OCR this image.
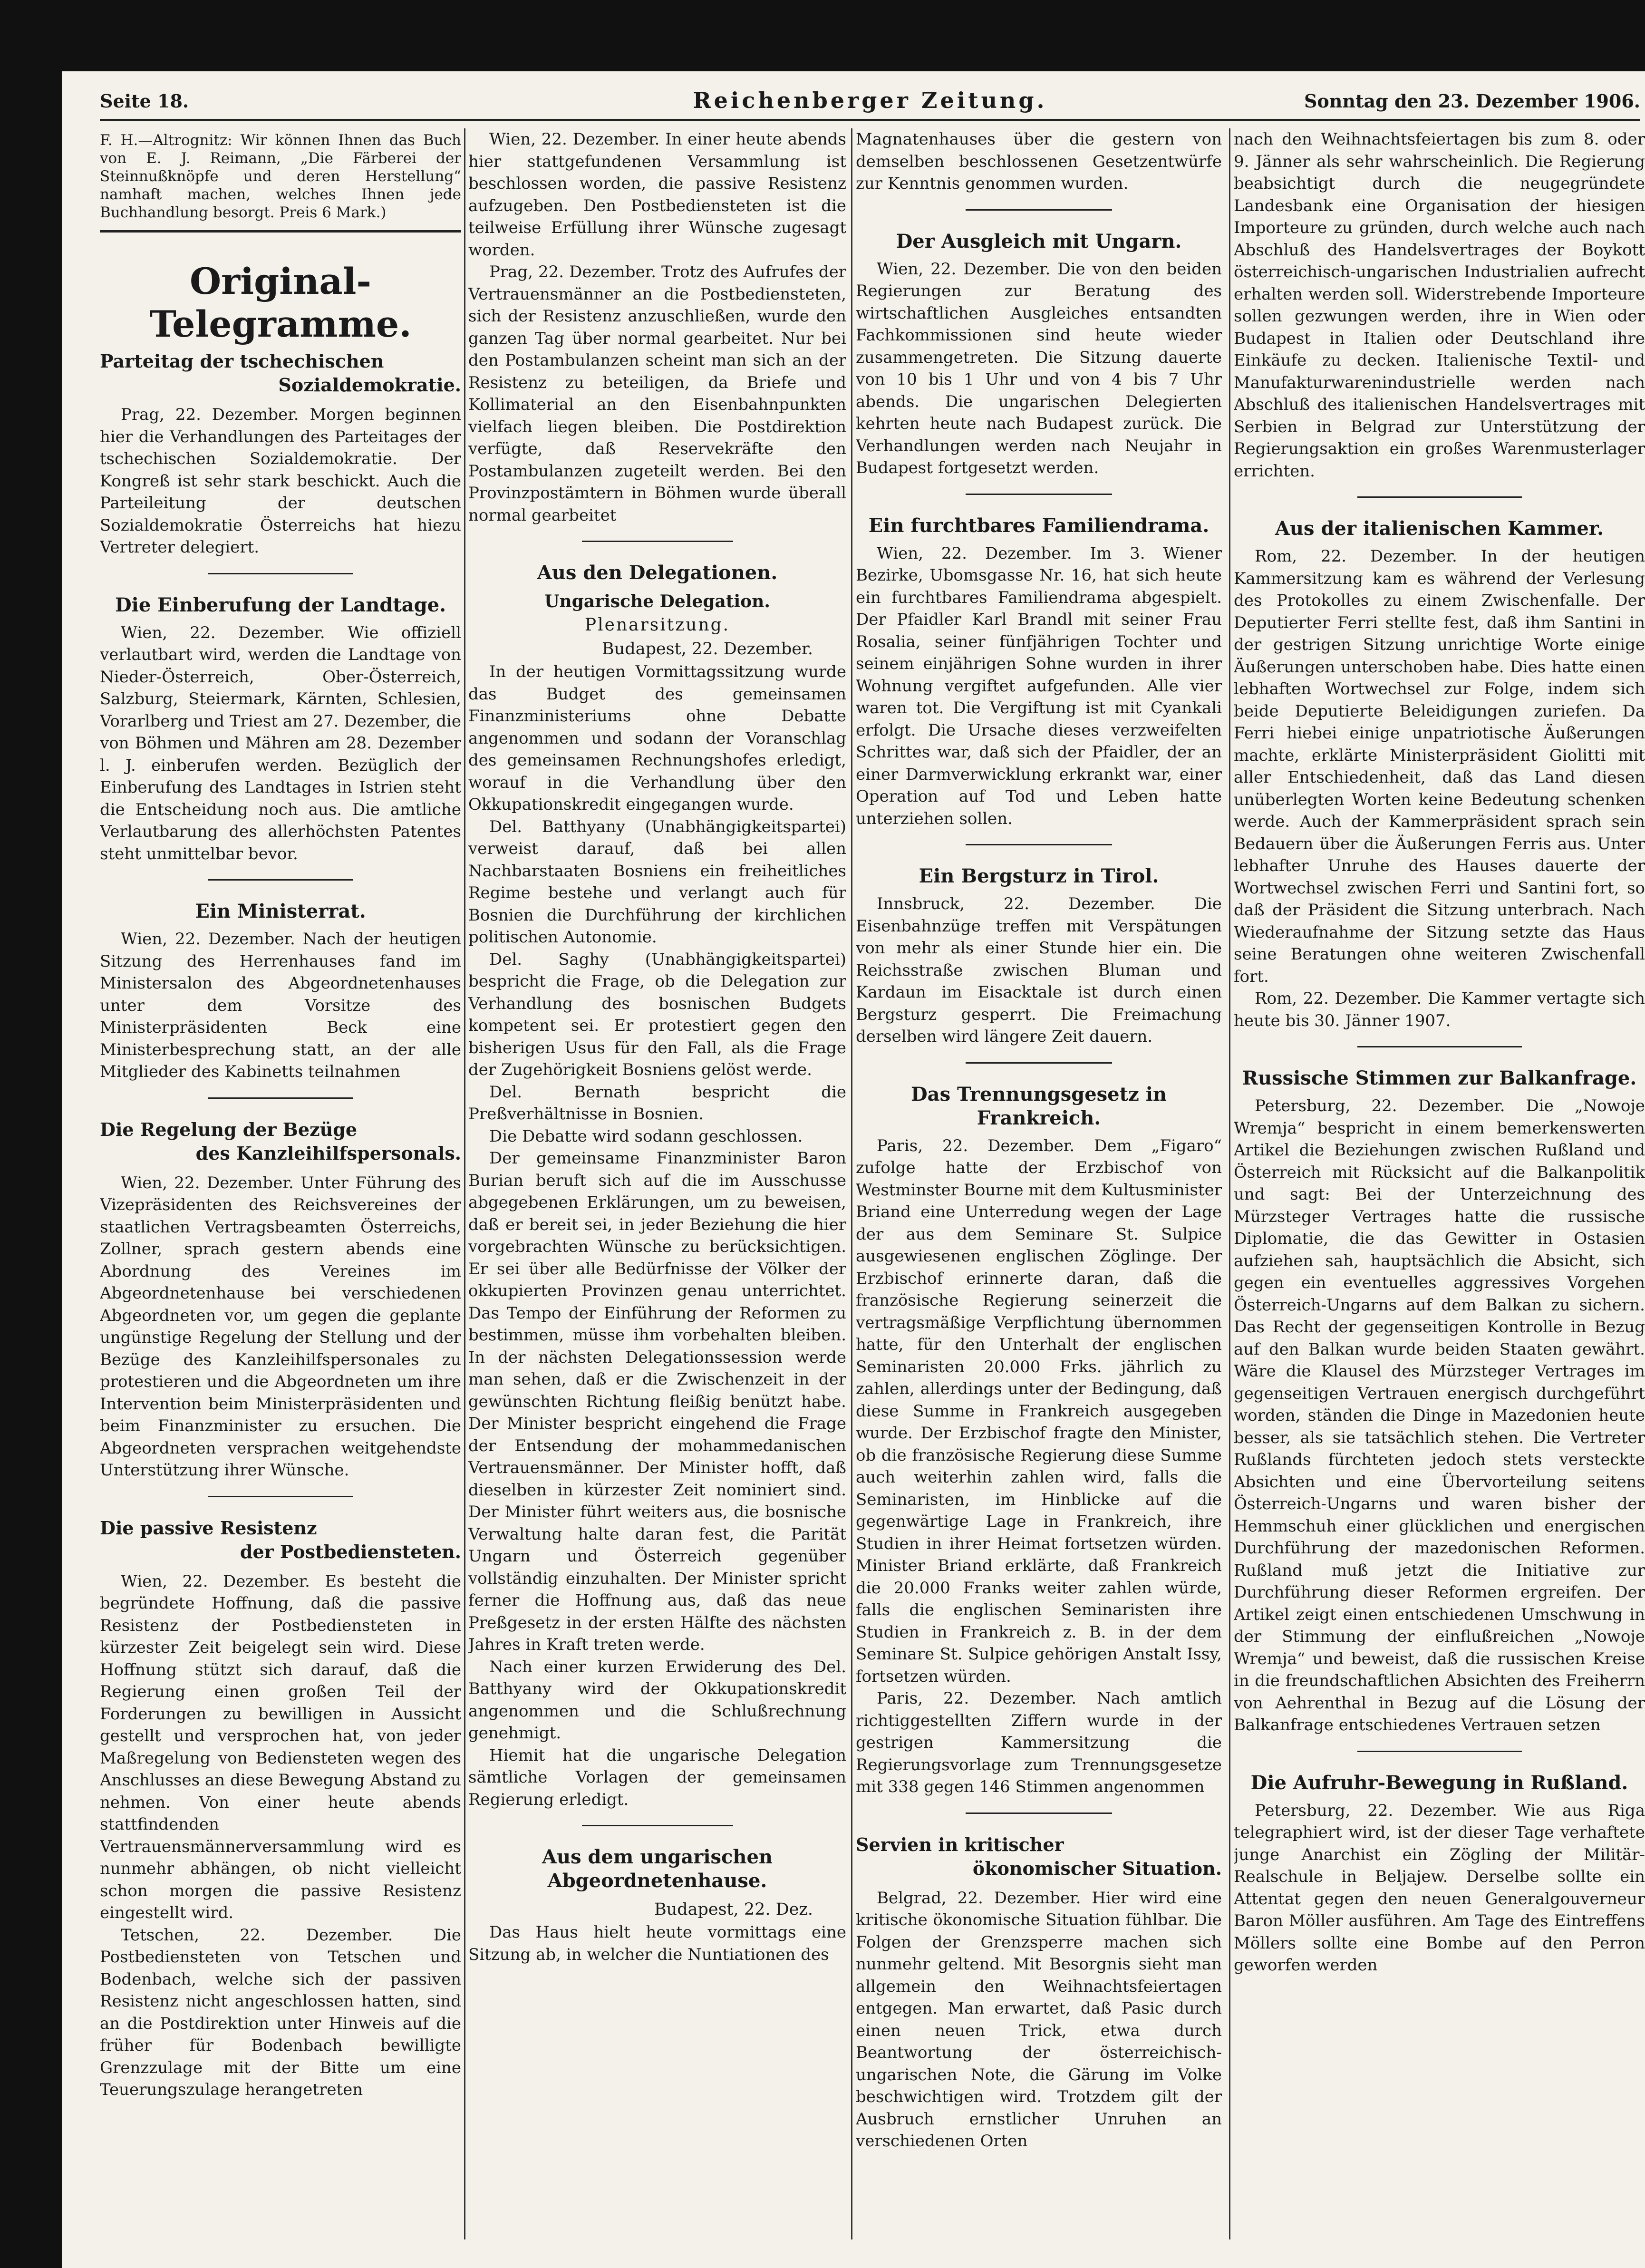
Seite 18.	Reichenberger Zeitung.	Sonntag den 23. Dezember 1906.
F. H.—Altrognitz: Wir können Ihnen das Buch von E. J. Reimann, „Die Färberei der Steinnußknöpfe und deren Herstellung“ namhaft machen, welches Ihnen jede Buchhandlung besorgt. Preis 6 Mark.)
Original-Telegramme.
Parteitag der tschechischen
Sozialdemokratie.

Prag, 22. Dezember. Morgen beginnen hier die Verhandlungen des Parteitages der tschechischen Sozialdemokratie. Der Kongreß ist sehr stark beschickt. Auch die Parteileitung der deutschen Sozialdemokratie Österreichs hat hiezu Vertreter delegiert.

Die Einberufung der Landtage.

Wien, 22. Dezember. Wie offiziell verlautbart wird, werden die Landtage von Nieder-Österreich, Ober-Österreich, Salzburg, Steiermark, Kärnten, Schlesien, Vorarlberg und Triest am 27. Dezember, die von Böhmen und Mähren am 28. Dezember l. J. einberufen werden. Bezüglich der Einberufung des Landtages in Istrien steht die Entscheidung noch aus. Die amtliche Verlautbarung des allerhöchsten Patentes steht unmittelbar bevor.

Ein Ministerrat.

Wien, 22. Dezember. Nach der heutigen Sitzung des Herrenhauses fand im Ministersalon des Abgeordnetenhauses unter dem Vorsitze des Ministerpräsidenten Beck eine Ministerbesprechung statt, an der alle Mitglieder des Kabinetts teilnahmen

Die Regelung der Bezüge
des Kanzleihilfspersonals.

Wien, 22. Dezember. Unter Führung des Vizepräsidenten des Reichsvereines der staatlichen Vertragsbeamten Österreichs, Zollner, sprach gestern abends eine Abordnung des Vereines im Abgeordnetenhause bei verschiedenen Abgeordneten vor, um gegen die geplante ungünstige Regelung der Stellung und der Bezüge des Kanzleihilfspersonales zu protestieren und die Abgeordneten um ihre Intervention beim Ministerpräsidenten und beim Finanzminister zu ersuchen. Die Abgeordneten versprachen weitgehendste Unterstützung ihrer Wünsche.

Die passive Resistenz
der Postbediensteten.

Wien, 22. Dezember. Es besteht die begründete Hoffnung, daß die passive Resistenz der Postbediensteten in kürzester Zeit beigelegt sein wird. Diese Hoffnung stützt sich darauf, daß die Regierung einen großen Teil der Forderungen zu bewilligen in Aussicht gestellt und versprochen hat, von jeder Maßregelung von Bediensteten wegen des Anschlusses an diese Bewegung Abstand zu nehmen. Von einer heute abends stattfindenden Vertrauensmännerversammlung wird es nunmehr abhängen, ob nicht vielleicht schon morgen die passive Resistenz eingestellt wird.

Tetschen, 22. Dezember. Die Postbediensteten von Tetschen und Bodenbach, welche sich der passiven Resistenz nicht angeschlossen hatten, sind an die Postdirektion unter Hinweis auf die früher für Bodenbach bewilligte Grenzzulage mit der Bitte um eine Teuerungszulage herangetreten

Wien, 22. Dezember. In einer heute abends hier stattgefundenen Versammlung ist beschlossen worden, die passive Resistenz aufzugeben. Den Postbediensteten ist die teilweise Erfüllung ihrer Wünsche zugesagt worden.

Prag, 22. Dezember. Trotz des Aufrufes der Vertrauensmänner an die Postbediensteten, sich der Resistenz anzuschließen, wurde den ganzen Tag über normal gearbeitet. Nur bei den Postambulanzen scheint man sich an der Resistenz zu beteiligen, da Briefe und Kollimaterial an den Eisenbahnpunkten vielfach liegen bleiben. Die Postdirektion verfügte, daß Reservekräfte den Postambulanzen zugeteilt werden. Bei den Provinzpostämtern in Böhmen wurde überall normal gearbeitet

Aus den Delegationen.
Ungarische Delegation.
Plenarsitzung.
Budapest, 22. Dezember.

In der heutigen Vormittagssitzung wurde das Budget des gemeinsamen Finanzministeriums ohne Debatte angenommen und sodann der Voranschlag des gemeinsamen Rechnungshofes erledigt, worauf in die Verhandlung über den Okkupationskredit eingegangen wurde.

Del. Batthyany (Unabhängigkeitspartei) verweist darauf, daß bei allen Nachbarstaaten Bosniens ein freiheitliches Regime bestehe und verlangt auch für Bosnien die Durchführung der kirchlichen politischen Autonomie.

Del. Saghy (Unabhängigkeitspartei) bespricht die Frage, ob die Delegation zur Verhandlung des bosnischen Budgets kompetent sei. Er protestiert gegen den bisherigen Usus für den Fall, als die Frage der Zugehörigkeit Bosniens gelöst werde.

Del. Bernath bespricht die Preßverhältnisse in Bosnien.

Die Debatte wird sodann geschlossen.

Der gemeinsame Finanzminister Baron Burian beruft sich auf die im Ausschusse abgegebenen Erklärungen, um zu beweisen, daß er bereit sei, in jeder Beziehung die hier vorgebrachten Wünsche zu berücksichtigen. Er sei über alle Bedürfnisse der Völker der okkupierten Provinzen genau unterrichtet. Das Tempo der Einführung der Reformen zu bestimmen, müsse ihm vorbehalten bleiben. In der nächsten Delegationssession werde man sehen, daß er die Zwischenzeit in der gewünschten Richtung fleißig benützt habe. Der Minister bespricht eingehend die Frage der Entsendung der mohammedanischen Vertrauensmänner. Der Minister hofft, daß dieselben in kürzester Zeit nominiert sind. Der Minister führt weiters aus, die bosnische Verwaltung halte daran fest, die Parität Ungarn und Österreich gegenüber vollständig einzuhalten. Der Minister spricht ferner die Hoffnung aus, daß das neue Preßgesetz in der ersten Hälfte des nächsten Jahres in Kraft treten werde.

Nach einer kurzen Erwiderung des Del. Batthyany wird der Okkupationskredit angenommen und die Schlußrechnung genehmigt.

Hiemit hat die ungarische Delegation sämtliche Vorlagen der gemeinsamen Regierung erledigt.

Aus dem ungarischen Abgeordnetenhause.
Budapest, 22. Dez.

Das Haus hielt heute vormittags eine Sitzung ab, in welcher die Nuntiationen des

Magnatenhauses über die gestern von demselben beschlossenen Gesetzentwürfe zur Kenntnis genommen wurden.

Der Ausgleich mit Ungarn.

Wien, 22. Dezember. Die von den beiden Regierungen zur Beratung des wirtschaftlichen Ausgleiches entsandten Fachkommissionen sind heute wieder zusammengetreten. Die Sitzung dauerte von 10 bis 1 Uhr und von 4 bis 7 Uhr abends. Die ungarischen Delegierten kehrten heute nach Budapest zurück. Die Verhandlungen werden nach Neujahr in Budapest fortgesetzt werden.

Ein furchtbares Familiendrama.

Wien, 22. Dezember. Im 3. Wiener Bezirke, Ubomsgasse Nr. 16, hat sich heute ein furchtbares Familiendrama abgespielt. Der Pfaidler Karl Brandl mit seiner Frau Rosalia, seiner fünfjährigen Tochter und seinem einjährigen Sohne wurden in ihrer Wohnung vergiftet aufgefunden. Alle vier waren tot. Die Vergiftung ist mit Cyankali erfolgt. Die Ursache dieses verzweifelten Schrittes war, daß sich der Pfaidler, der an einer Darmverwicklung erkrankt war, einer Operation auf Tod und Leben hatte unterziehen sollen.

Ein Bergsturz in Tirol.

Innsbruck, 22. Dezember. Die Eisenbahnzüge treffen mit Verspätungen von mehr als einer Stunde hier ein. Die Reichsstraße zwischen Bluman und Kardaun im Eisacktale ist durch einen Bergsturz gesperrt. Die Freimachung derselben wird längere Zeit dauern.

Das Trennungsgesetz in Frankreich.

Paris, 22. Dezember. Dem „Figaro“ zufolge hatte der Erzbischof von Westminster Bourne mit dem Kultusminister Briand eine Unterredung wegen der Lage der aus dem Seminare St. Sulpice ausgewiesenen englischen Zöglinge. Der Erzbischof erinnerte daran, daß die französische Regierung seinerzeit die vertragsmäßige Verpflichtung übernommen hatte, für den Unterhalt der englischen Seminaristen 20.000 Frks. jährlich zu zahlen, allerdings unter der Bedingung, daß diese Summe in Frankreich ausgegeben wurde. Der Erzbischof fragte den Minister, ob die französische Regierung diese Summe auch weiterhin zahlen wird, falls die Seminaristen, im Hinblicke auf die gegenwärtige Lage in Frankreich, ihre Studien in ihrer Heimat fortsetzen würden. Minister Briand erklärte, daß Frankreich die 20.000 Franks weiter zahlen würde, falls die englischen Seminaristen ihre Studien in Frankreich z. B. in der dem Seminare St. Sulpice gehörigen Anstalt Issy, fortsetzen würden.

Paris, 22. Dezember. Nach amtlich richtiggestellten Ziffern wurde in der gestrigen Kammersitzung die Regierungsvorlage zum Trennungsgesetze mit 338 gegen 146 Stimmen angenommen

Servien in kritischer
ökonomischer Situation.

Belgrad, 22. Dezember. Hier wird eine kritische ökonomische Situation fühlbar. Die Folgen der Grenzsperre machen sich nunmehr geltend. Mit Besorgnis sieht man allgemein den Weihnachtsfeiertagen entgegen. Man erwartet, daß Pasic durch einen neuen Trick, etwa durch Beantwortung der österreichisch-ungarischen Note, die Gärung im Volke beschwichtigen wird. Trotzdem gilt der Ausbruch ernstlicher Unruhen an verschiedenen Orten

nach den Weihnachtsfeiertagen bis zum 8. oder 9. Jänner als sehr wahrscheinlich. Die Regierung beabsichtigt durch die neugegründete Landesbank eine Organisation der hiesigen Importeure zu gründen, durch welche auch nach Abschluß des Handelsvertrages der Boykott österreichisch-ungarischen Industrialien aufrecht erhalten werden soll. Widerstrebende Importeure sollen gezwungen werden, ihre in Wien oder Budapest in Italien oder Deutschland ihre Einkäufe zu decken. Italienische Textil- und Manufakturwarenindustrielle werden nach Abschluß des italienischen Handelsvertrages mit Serbien in Belgrad zur Unterstützung der Regierungsaktion ein großes Warenmusterlager errichten.

Aus der italienischen Kammer.

Rom, 22. Dezember. In der heutigen Kammersitzung kam es während der Verlesung des Protokolles zu einem Zwischenfalle. Der Deputierter Ferri stellte fest, daß ihm Santini in der gestrigen Sitzung unrichtige Worte einige Äußerungen unterschoben habe. Dies hatte einen lebhaften Wortwechsel zur Folge, indem sich beide Deputierte Beleidigungen zuriefen. Da Ferri hiebei einige unpatriotische Äußerungen machte, erklärte Ministerpräsident Giolitti mit aller Entschiedenheit, daß das Land diesen unüberlegten Worten keine Bedeutung schenken werde. Auch der Kammerpräsident sprach sein Bedauern über die Äußerungen Ferris aus. Unter lebhafter Unruhe des Hauses dauerte der Wortwechsel zwischen Ferri und Santini fort, so daß der Präsident die Sitzung unterbrach. Nach Wiederaufnahme der Sitzung setzte das Haus seine Beratungen ohne weiteren Zwischenfall fort.

Rom, 22. Dezember. Die Kammer vertagte sich heute bis 30. Jänner 1907.

Russische Stimmen zur Balkanfrage.

Petersburg, 22. Dezember. Die „Nowoje Wremja“ bespricht in einem bemerkenswerten Artikel die Beziehungen zwischen Rußland und Österreich mit Rücksicht auf die Balkanpolitik und sagt: Bei der Unterzeichnung des Mürzsteger Vertrages hatte die russische Diplomatie, die das Gewitter in Ostasien aufziehen sah, hauptsächlich die Absicht, sich gegen ein eventuelles aggressives Vorgehen Österreich-Ungarns auf dem Balkan zu sichern. Das Recht der gegenseitigen Kontrolle in Bezug auf den Balkan wurde beiden Staaten gewährt. Wäre die Klausel des Mürzsteger Vertrages im gegenseitigen Vertrauen energisch durchgeführt worden, ständen die Dinge in Mazedonien heute besser, als sie tatsächlich stehen. Die Vertreter Rußlands fürchteten jedoch stets versteckte Absichten und eine Übervorteilung seitens Österreich-Ungarns und waren bisher der Hemmschuh einer glücklichen und energischen Durchführung der mazedonischen Reformen. Rußland muß jetzt die Initiative zur Durchführung dieser Reformen ergreifen. Der Artikel zeigt einen entschiedenen Umschwung in der Stimmung der einflußreichen „Nowoje Wremja“ und beweist, daß die russischen Kreise in die freundschaftlichen Absichten des Freiherrn von Aehrenthal in Bezug auf die Lösung der Balkanfrage entschiedenes Vertrauen setzen

Die Aufruhr-Bewegung in Rußland.

Petersburg, 22. Dezember. Wie aus Riga telegraphiert wird, ist der dieser Tage verhaftete junge Anarchist ein Zögling der Militär-Realschule in Beljajew. Derselbe sollte ein Attentat gegen den neuen Generalgouverneur Baron Möller ausführen. Am Tage des Eintreffens Möllers sollte eine Bombe auf den Perron geworfen werden
